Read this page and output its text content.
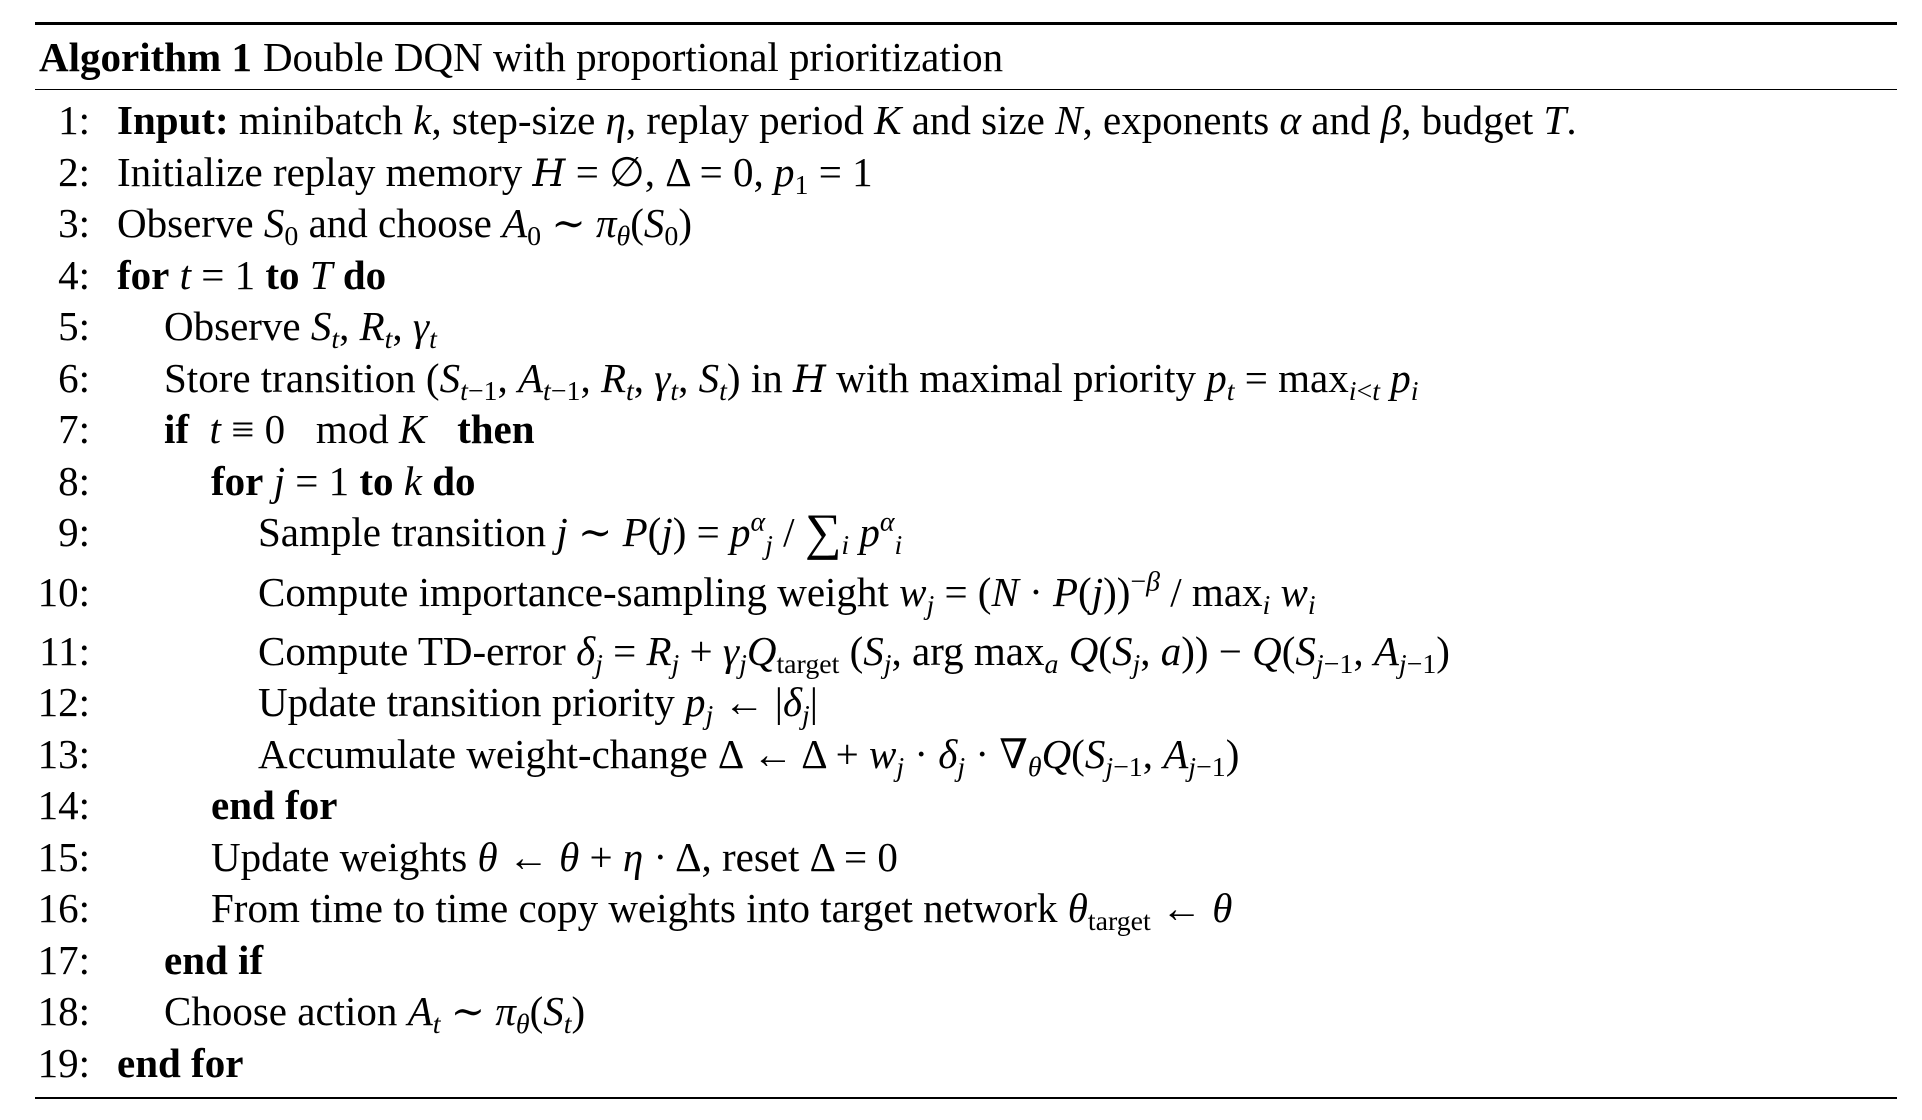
Algorithm 1 Double DQN with proportional prioritization
1: Input: minibatch k, step-size η, replay period K and size N, exponents α and β, budget T.
2: Initialize replay memory H = ∅, Δ = 0, $p_1 = 1$
3: Observe $S_0$ and choose $A_0$ ∼ $\pi_\theta(S_0)$
4: for t = 1 to T do
5: Observe $S_t$, $R_t$, $\gamma_t$
6: Store transition ($S_{t-1}$, $A_{t-1}$, $R_t$, $\gamma_t$, $S_t$) in H with maximal priority $p_t = \max_{i<t} p_i$
7: if t ≡ 0   mod K then
8:	for j = 1 to k do
9:	Sample transition j ∼ $P(j) = p^\alpha_j / \sum_i$ $p^\alpha_i$
10:	Compute importance-sampling weight $w_j = (N \cdot P(j))^{-\beta} / \max_i w_i$
11:	Compute TD-error $\delta_j = R_j + \gamma_jQ_{target}$ ($S_j$, arg $\max_a Q(S_j$, $a)) - Q(S_{j-1}$, $A_{j-1}$)
12:	Update transition priority $p_j$ ← $|\delta_j|$
13:	Accumulate weight-change Δ ← $\Delta + w_j \cdot \delta_j \cdot \nabla_\theta Q(S_{j-1}$, $A_{j-1}$)
14:	end for
15:	Update weights θ ← θ + η · Δ, reset Δ = 0
16:	From time to time copy weights into target network $\theta_{target}$ ← θ
17: end if
18: Choose action $A_t$ ∼ $\pi_\theta(S_t)$
19: end for
